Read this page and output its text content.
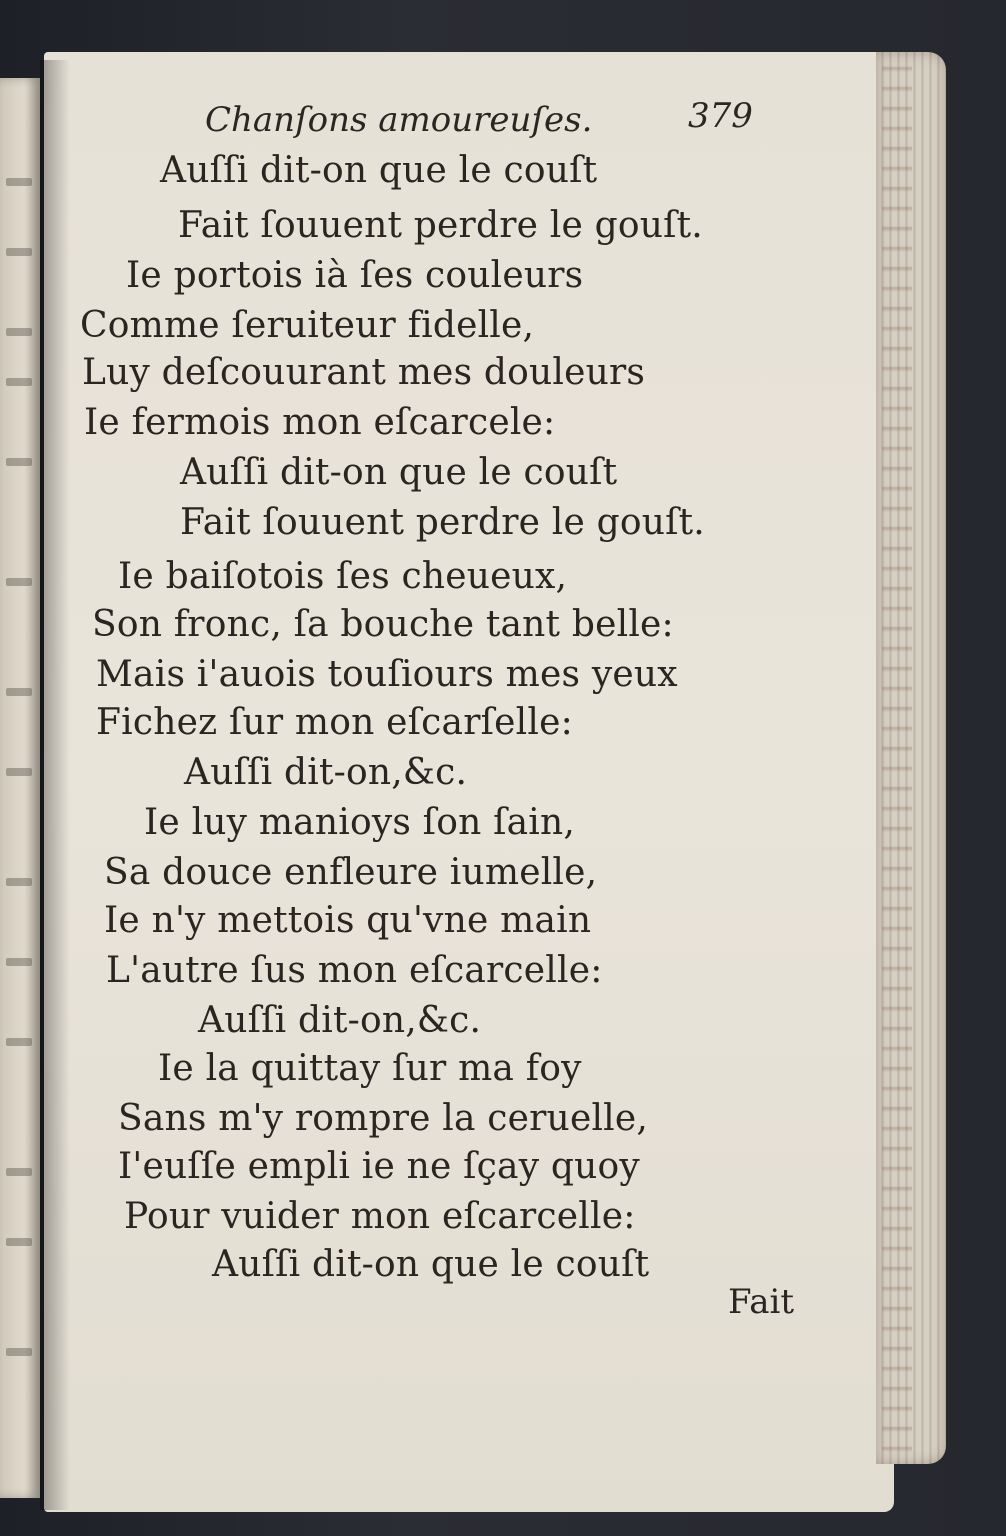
Chanſons amoureuſes.	379
Auſſi dit-on que le couſt
Fait ſouuent perdre le gouſt.
Ie portois ià ſes couleurs
Comme ſeruiteur fidelle,
Luy deſcouurant mes douleurs
Ie fermois mon eſcarcele:
Auſſi dit-on que le couſt
Fait ſouuent perdre le gouſt.
Ie baiſotois ſes cheueux,
Son fronc, ſa bouche tant belle:
Mais i'auois touſiours mes yeux
Fichez ſur mon eſcarſelle:
Auſſi dit-on,&c.
Ie luy manioys ſon ſain,
Sa douce enfleure iumelle,
Ie n'y mettois qu'vne main
L'autre ſus mon eſcarcelle:
Auſſi dit-on,&c.
Ie la quittay ſur ma foy
Sans m'y rompre la ceruelle,
I'euſſe empli ie ne ſçay quoy
Pour vuider mon eſcarcelle:
Auſſi dit-on que le couſt
Fait
